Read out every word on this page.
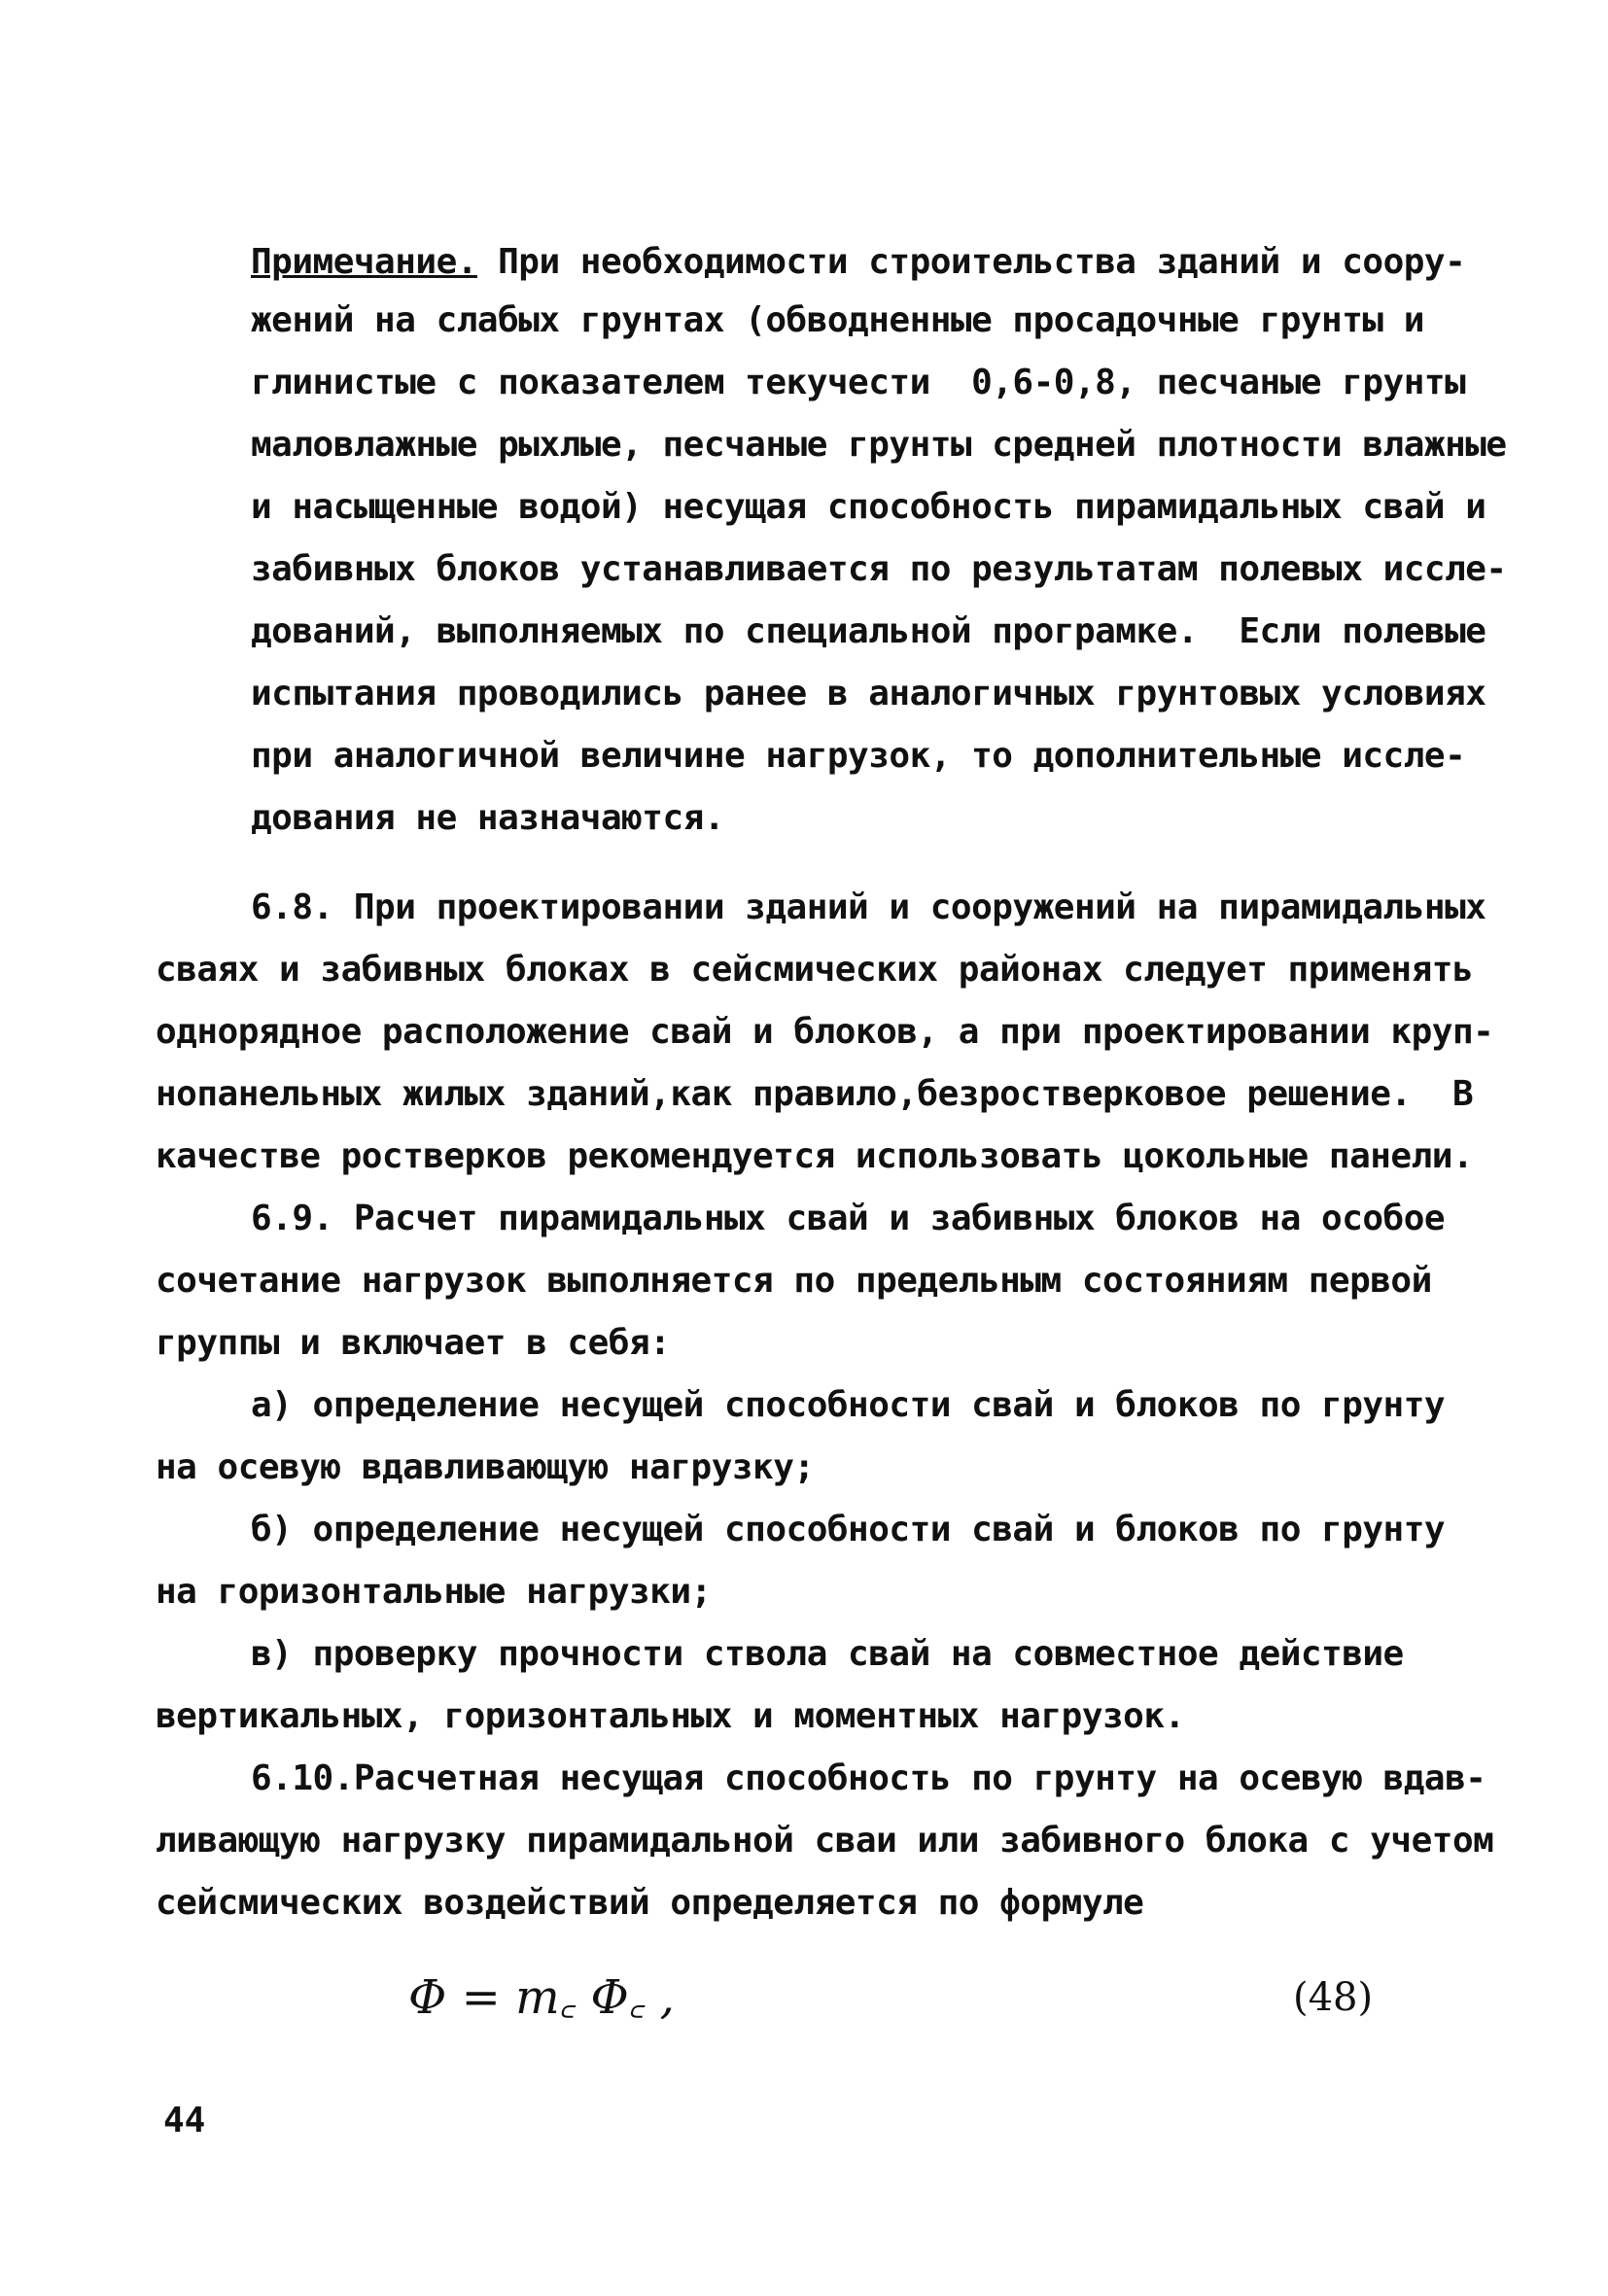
Примечание. При необходимости строительства зданий и соору-
жений на слабых грунтах (обводненные просадочные грунты и
глинистые с показателем текучести  0,6-0,8, песчаные грунты
маловлажные рыхлые, песчаные грунты средней плотности влажные
и насыщенные водой) несущая способность пирамидальных свай и
забивных блоков устанавливается по результатам полевых иссле-
дований, выполняемых по специальной програмке.  Если полевые
испытания проводились ранее в аналогичных грунтовых условиях
при аналогичной величине нагрузок, то дополнительные иссле-
дования не назначаются.
6.8. При проектировании зданий и сооружений на пирамидальных
сваях и забивных блоках в сейсмических районах следует применять
однорядное расположение свай и блоков, а при проектировании круп-
нопанельных жилых зданий,как правило,безростверковое решение.  В
качестве ростверков рекомендуется использовать цокольные панели.
6.9. Расчет пирамидальных свай и забивных блоков на особое
сочетание нагрузок выполняется по предельным состояниям первой
группы и включает в себя:
а) определение несущей способности свай и блоков по грунту
на осевую вдавливающую нагрузку;
б) определение несущей способности свай и блоков по грунту
на горизонтальные нагрузки;
в) проверку прочности ствола свай на совместное действие
вертикальных, горизонтальных и моментных нагрузок.
6.10.Расчетная несущая способность по грунту на осевую вдав-
ливающую нагрузку пирамидальной сваи или забивного блока с учетом
сейсмических воздействий определяется по формуле
Φ = m꜀ Φ꜀ ,	(48)
44
